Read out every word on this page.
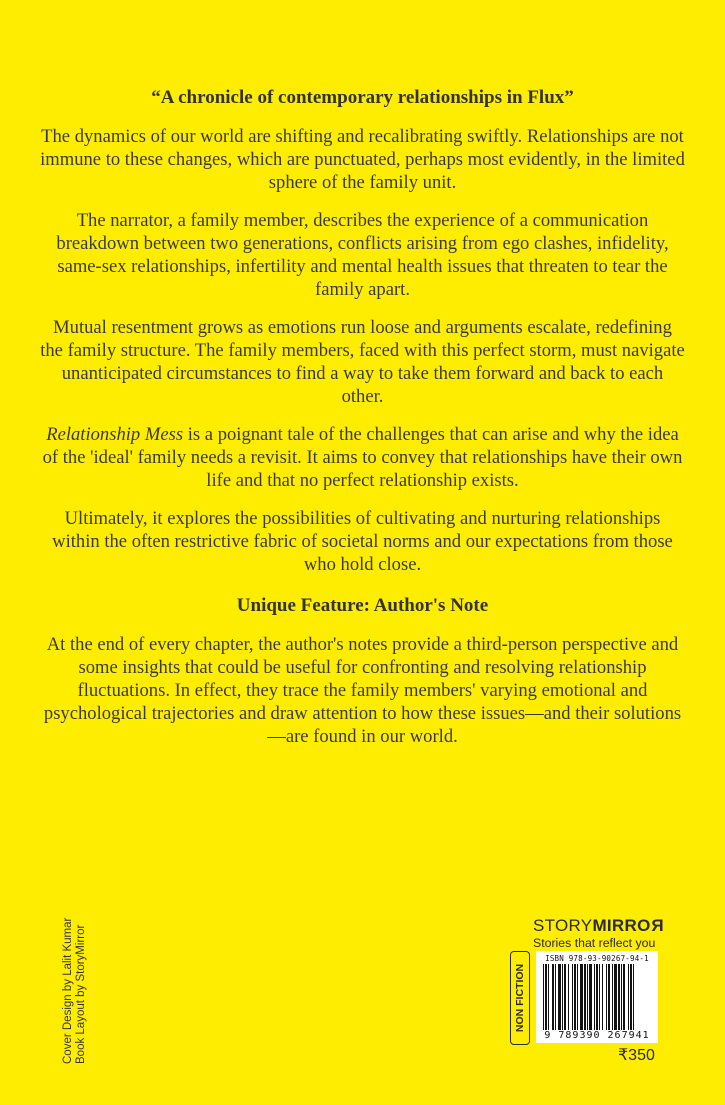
“A chronicle of contemporary relationships in Flux”

The dynamics of our world are shifting and recalibrating swiftly. Relationships are not immune to these changes, which are punctuated, perhaps most evidently, in the limited sphere of the family unit.

The narrator, a family member, describes the experience of a communication breakdown between two generations, conflicts arising from ego clashes, infidelity, same-sex relationships, infertility and mental health issues that threaten to tear the family apart.

Mutual resentment grows as emotions run loose and arguments escalate, redefining the family structure. The family members, faced with this perfect storm, must navigate unanticipated circumstances to find a way to take them forward and back to each other.

Relationship Mess is a poignant tale of the challenges that can arise and why the idea of the 'ideal' family needs a revisit. It aims to convey that relationships have their own life and that no perfect relationship exists.

Ultimately, it explores the possibilities of cultivating and nurturing relationships within the often restrictive fabric of societal norms and our expectations from those who hold close.

Unique Feature: Author's Note

At the end of every chapter, the author's notes provide a third-person perspective and some insights that could be useful for confronting and resolving relationship fluctuations. In effect, they trace the family members' varying emotional and psychological trajectories and draw attention to how these issues—and their solutions—are found in our world.

Cover Design by Lalit Kumar Book Layout by StoryMirror	STORYMIRROR
Stories that reflect you
NON FICTION
ISBN 978-93-90267-94-1
9 789390 267941
₹350
